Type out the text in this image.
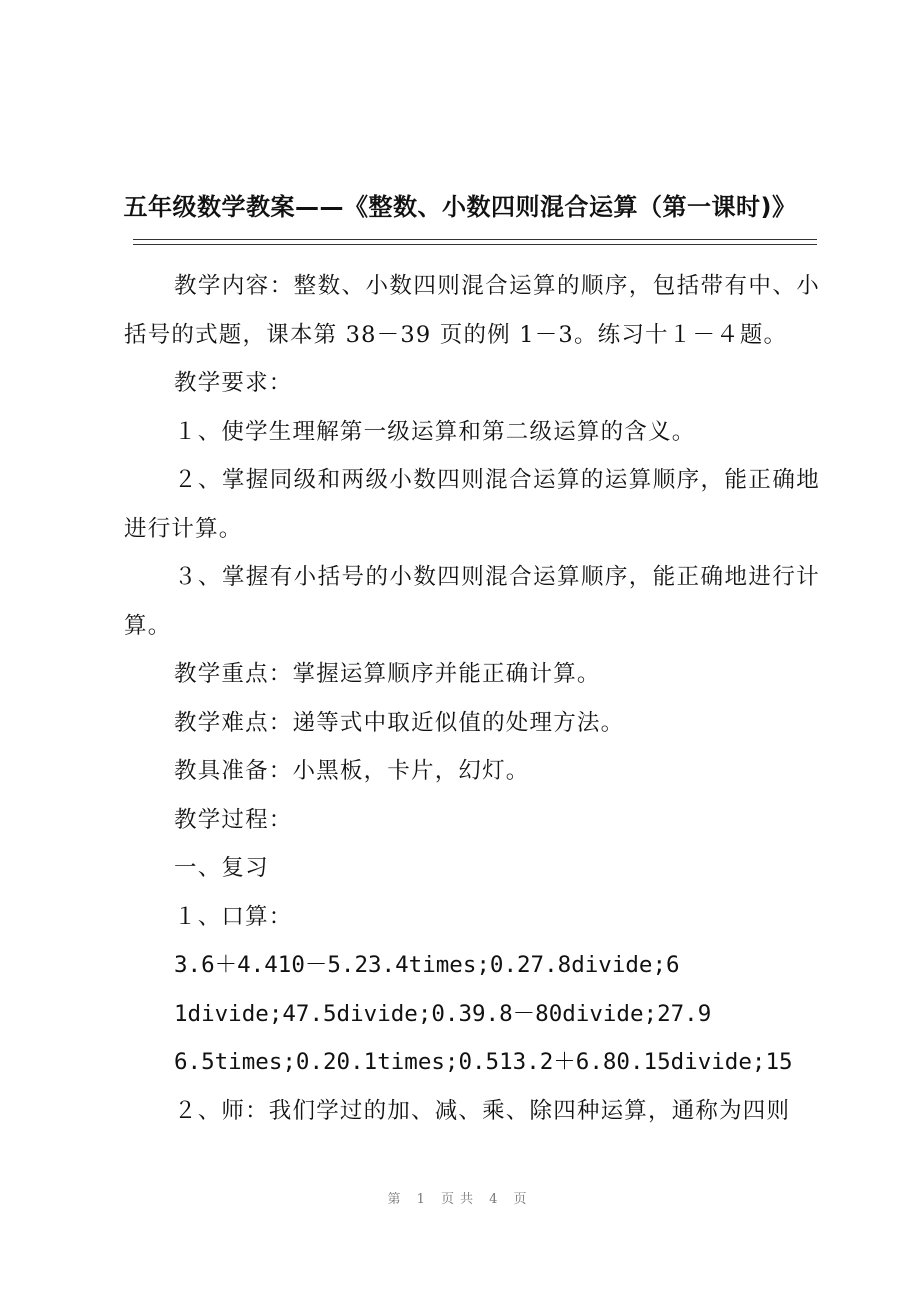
五年级数学教案——《整数、小数四则混合运算（第一课时)》

教学内容：整数、小数四则混合运算的顺序，包括带有中、小括号的式题，课本第 38－39 页的例 1－3。练习十１－４题。

教学要求：

１、使学生理解第一级运算和第二级运算的含义。

２、掌握同级和两级小数四则混合运算的运算顺序，能正确地进行计算。

３、掌握有小括号的小数四则混合运算顺序，能正确地进行计算。

教学重点：掌握运算顺序并能正确计算。

教学难点：递等式中取近似值的处理方法。

教具准备：小黑板，卡片，幻灯。

教学过程：

一、复习

１、口算：

3.6＋4.410－5.23.4times;0.27.8divide;6

1divide;47.5divide;0.39.8－80divide;27.9

6.5times;0.20.1times;0.513.2＋6.80.15divide;15

２、师：我们学过的加、减、乘、除四种运算，通称为四则

第 1 页共 4 页
